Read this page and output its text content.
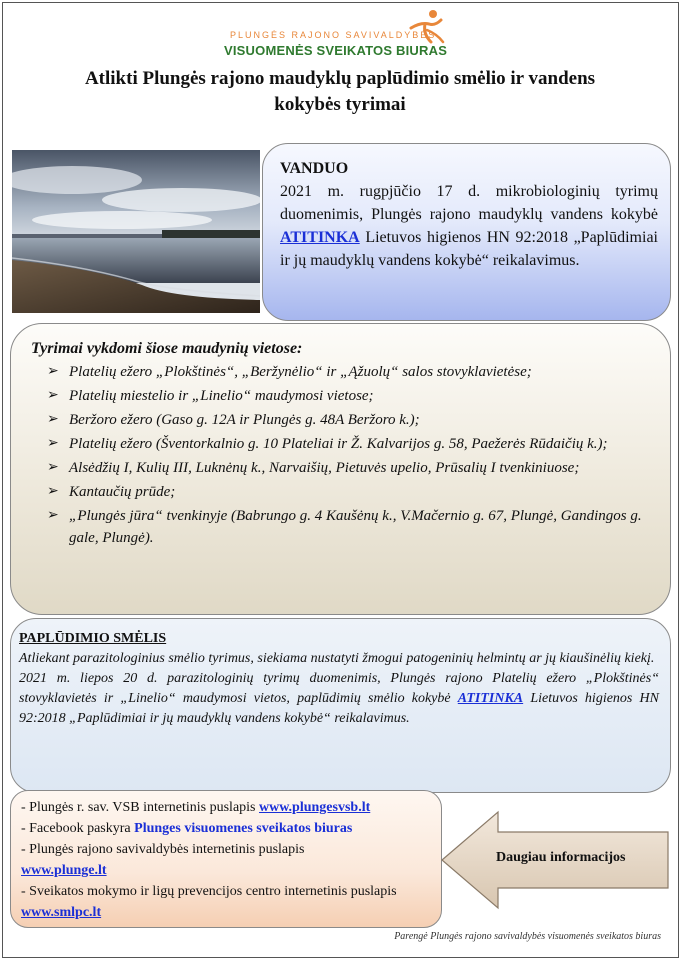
PLUNGĖS RAJONO SAVIVALDYBĖS
VISUOMENĖS SVEIKATOS BIURAS
Atlikti Plungės rajono maudyklų paplūdimio smėlio ir vandens
kokybės tyrimai
VANDUO
2021 m. rugpjūčio 17 d. mikrobiologinių tyrimų duomenimis, Plungės rajono maudyklų vandens kokybė ATITINKA Lietuvos higienos HN 92:2018 „Paplūdimiai ir jų maudyklų vandens kokybė“ reikalavimus.
Tyrimai vykdomi šiose maudynių vietose:
➢ Platelių ežero „Plokštinės“, „Beržynėlio“ ir „Ąžuolų“ salos stovyklavietėse;
➢ Platelių miestelio ir „Linelio“ maudymosi vietose;
➢ Beržoro ežero (Gaso g. 12A ir Plungės g. 48A Beržoro k.);
➢ Platelių ežero (Šventorkalnio g. 10 Plateliai ir Ž. Kalvarijos g. 58, Paežerės Rūdaičių k.);
➢ Alsėdžių I, Kulių III, Luknėnų k., Narvaišių, Pietuvės upelio, Prūsalių I tvenkiniuose;
➢ Kantaučių prūde;
➢ „Plungės jūra“ tvenkinyje (Babrungo g. 4 Kaušėnų k., V.Mačernio g. 67, Plungė, Gandingos g. gale, Plungė).
PAPLŪDIMIO SMĖLIS

Atliekant parazitologinius smėlio tyrimus, siekiama nustatyti žmogui patogeninių helmintų ar jų kiaušinėlių kiekį.

2021 m. liepos 20 d. parazitologinių tyrimų duomenimis, Plungės rajono Platelių ežero „Plokštinės“ stovyklavietės ir „Linelio“ maudymosi vietos, paplūdimių smėlio kokybė ATITINKA Lietuvos higienos HN 92:2018 „Paplūdimiai ir jų maudyklų vandens kokybė“ reikalavimus.

- Plungės r. sav. VSB internetinis puslapis www.plungesvsb.lt
- Facebook paskyra Plunges visuomenes sveikatos biuras
- Plungės rajono savivaldybės internetinis puslapis
www.plunge.lt
- Sveikatos mokymo ir ligų prevencijos centro internetinis puslapis www.smlpc.lt
Daugiau informacijos
Parengė Plungės rajono savivaldybės visuomenės sveikatos biuras
